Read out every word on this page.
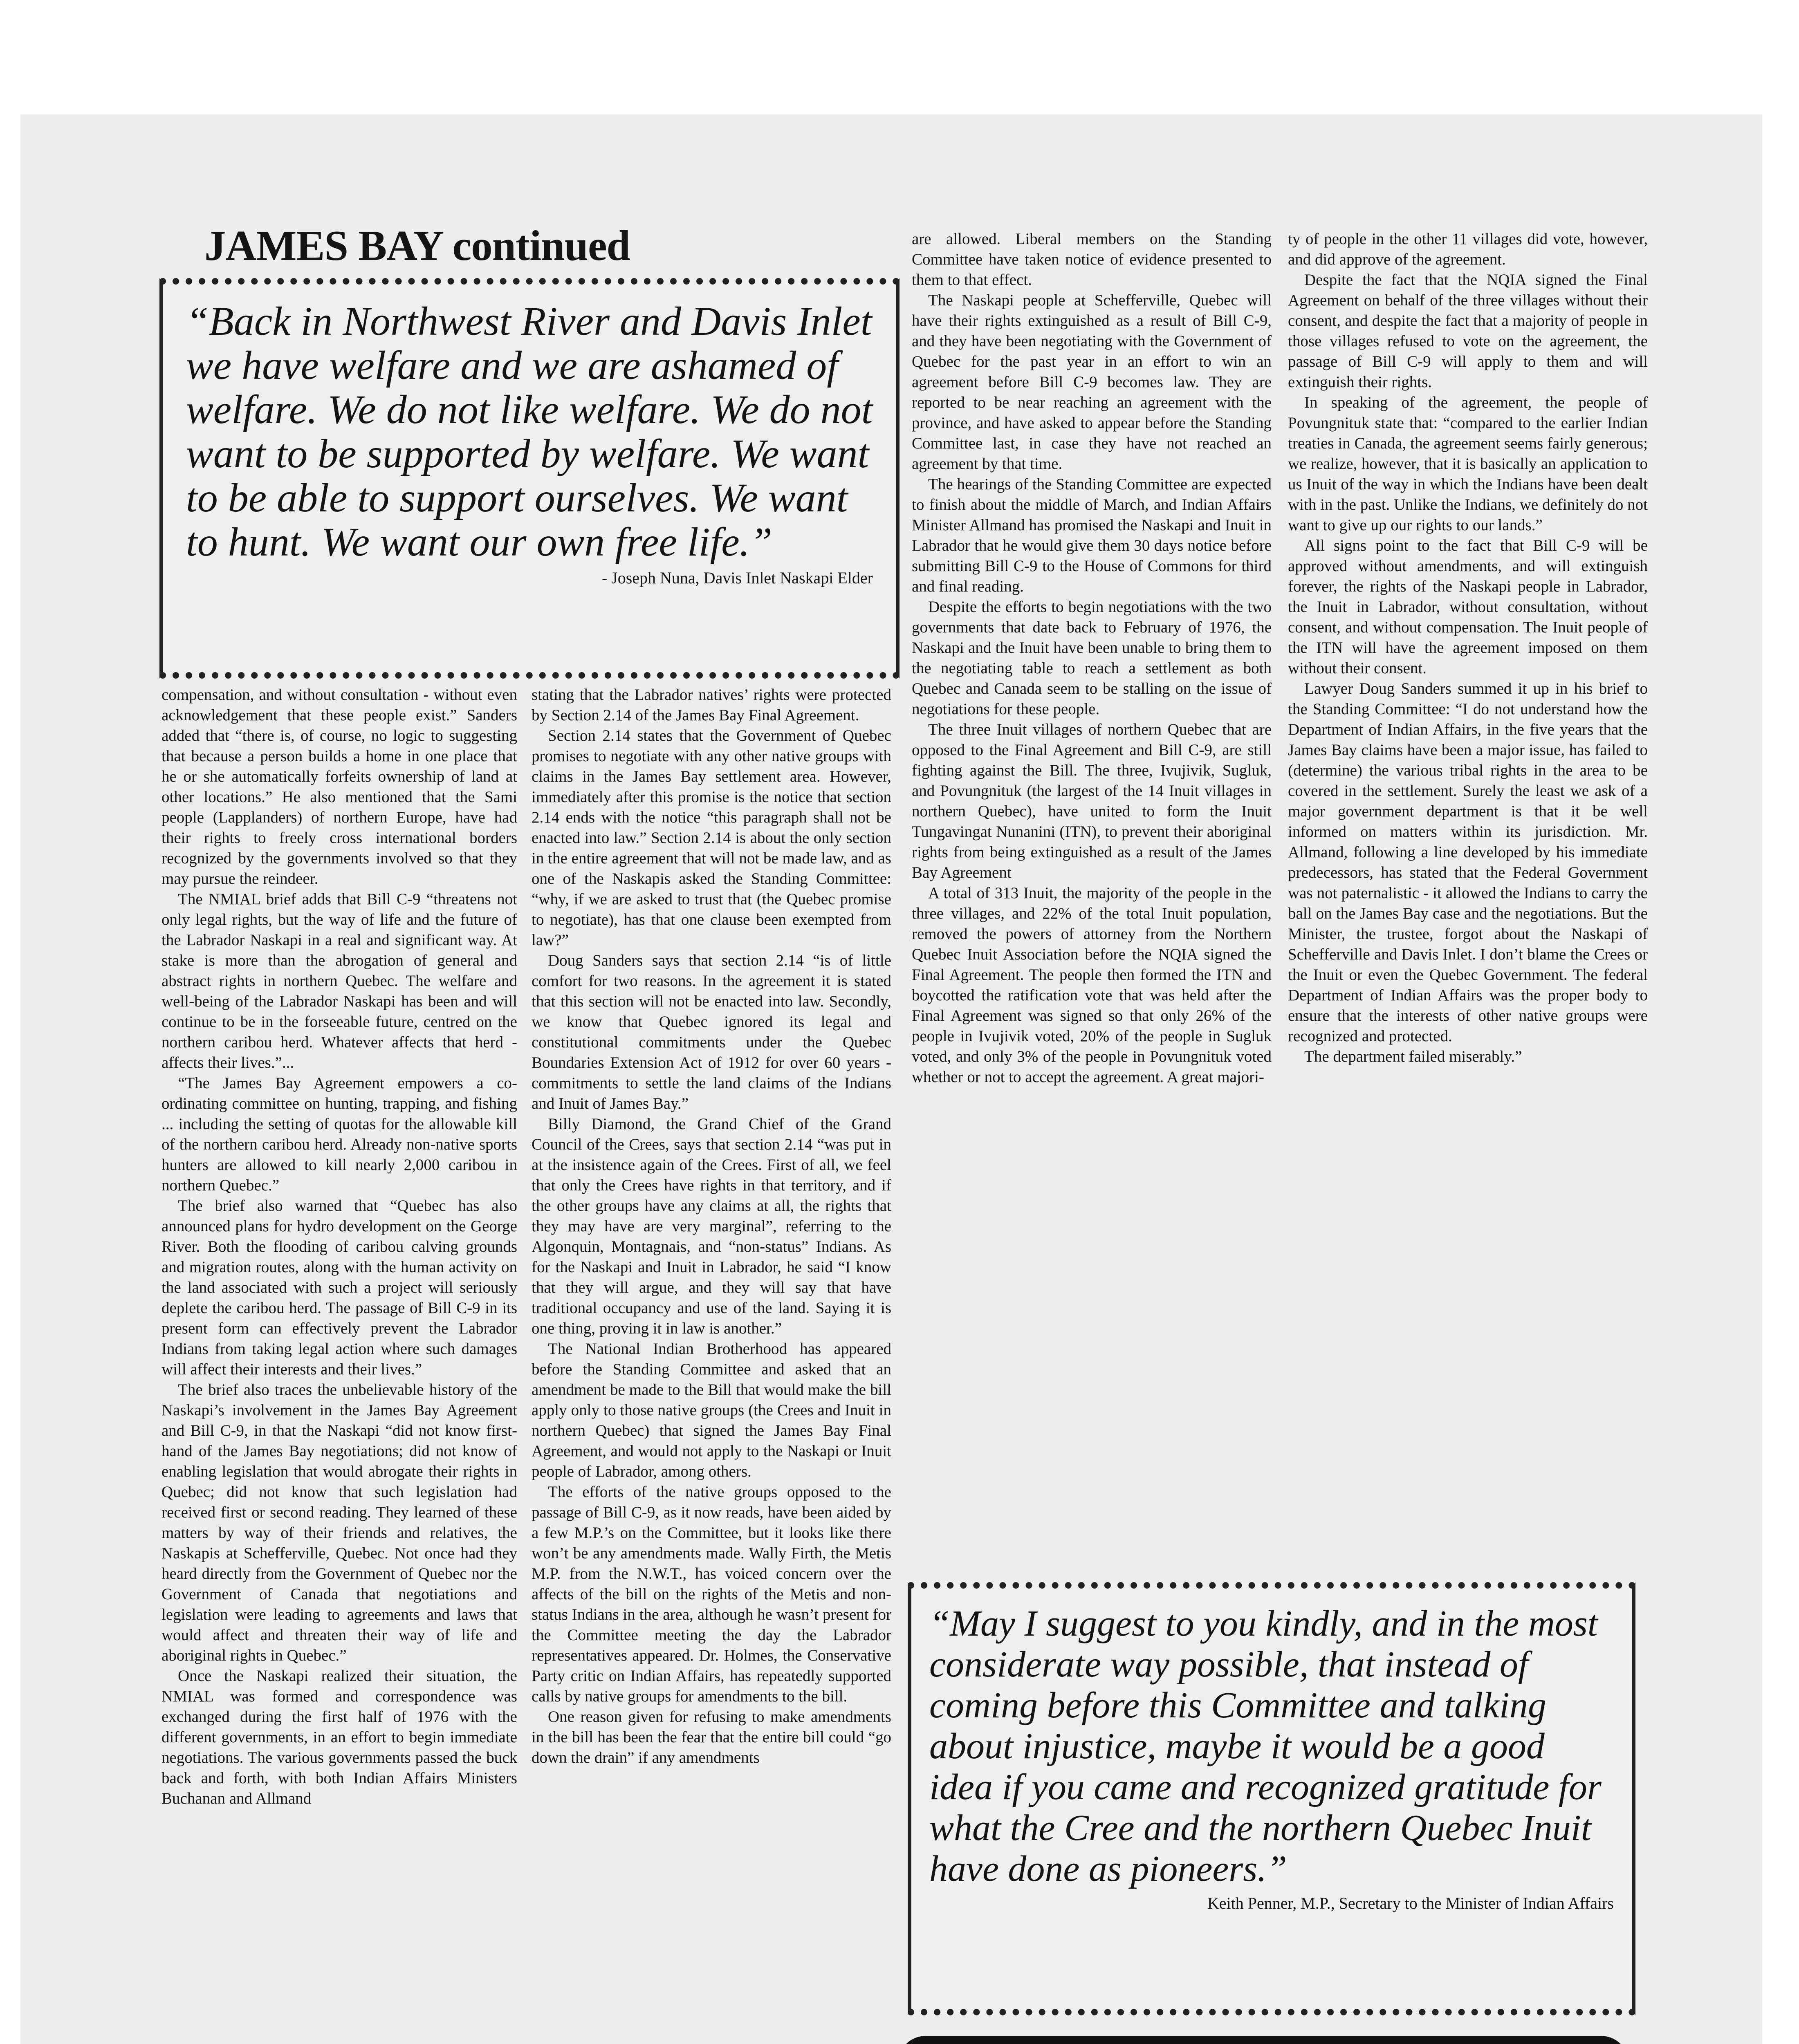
JAMES BAY continued

“Back in Northwest River and Davis Inlet we have welfare and we are ashamed of welfare. We do not like welfare. We do not want to be supported by welfare. We want to be able to support ourselves. We want to hunt. We want our own free life.”

- Joseph Nuna, Davis Inlet Naskapi Elder

compensation, and without consultation - without even acknowledgement that these people exist.” Sanders added that “there is, of course, no logic to suggesting that because a person builds a home in one place that he or she automatically forfeits ownership of land at other locations.” He also mentioned that the Sami people (Lapplanders) of northern Europe, have had their rights to freely cross international borders recognized by the governments involved so that they may pursue the reindeer.

The NMIAL brief adds that Bill C-9 “threatens not only legal rights, but the way of life and the future of the Labrador Naskapi in a real and significant way. At stake is more than the abrogation of general and abstract rights in northern Quebec. The welfare and well-being of the Labrador Naskapi has been and will continue to be in the forseeable future, centred on the northern caribou herd. Whatever affects that herd - affects their lives.”...

“The James Bay Agreement empowers a co-ordinating committee on hunting, trapping, and fishing ... including the setting of quotas for the allowable kill of the northern caribou herd. Already non-native sports hunters are allowed to kill nearly 2,000 caribou in northern Quebec.”

The brief also warned that “Quebec has also announced plans for hydro development on the George River. Both the flooding of caribou calving grounds and migration routes, along with the human activity on the land associated with such a project will seriously deplete the caribou herd. The passage of Bill C-9 in its present form can effectively prevent the Labrador Indians from taking legal action where such damages will affect their interests and their lives.”

The brief also traces the unbelievable history of the Naskapi’s involvement in the James Bay Agreement and Bill C-9, in that the Naskapi “did not know first-hand of the James Bay negotiations; did not know of enabling legislation that would abrogate their rights in Quebec; did not know that such legislation had received first or second reading. They learned of these matters by way of their friends and relatives, the Naskapis at Schefferville, Quebec. Not once had they heard directly from the Government of Quebec nor the Government of Canada that negotiations and legislation were leading to agreements and laws that would affect and threaten their way of life and aboriginal rights in Quebec.”

Once the Naskapi realized their situation, the NMIAL was formed and correspondence was exchanged during the first half of 1976 with the different governments, in an effort to begin immediate negotiations. The various governments passed the buck back and forth, with both Indian Affairs Ministers Buchanan and Allmand

stating that the Labrador natives’ rights were protected by Section 2.14 of the James Bay Final Agreement.

Section 2.14 states that the Government of Quebec promises to negotiate with any other native groups with claims in the James Bay settlement area. However, immediately after this promise is the notice that section 2.14 ends with the notice “this paragraph shall not be enacted into law.” Section 2.14 is about the only section in the entire agreement that will not be made law, and as one of the Naskapis asked the Standing Committee: “why, if we are asked to trust that (the Quebec promise to negotiate), has that one clause been exempted from law?”

Doug Sanders says that section 2.14 “is of little comfort for two reasons. In the agreement it is stated that this section will not be enacted into law. Secondly, we know that Quebec ignored its legal and constitutional commitments under the Quebec Boundaries Extension Act of 1912 for over 60 years - commitments to settle the land claims of the Indians and Inuit of James Bay.”

Billy Diamond, the Grand Chief of the Grand Council of the Crees, says that section 2.14 “was put in at the insistence again of the Crees. First of all, we feel that only the Crees have rights in that territory, and if the other groups have any claims at all, the rights that they may have are very marginal”, referring to the Algonquin, Montagnais, and “non-status” Indians. As for the Naskapi and Inuit in Labrador, he said “I know that they will argue, and they will say that have traditional occupancy and use of the land. Saying it is one thing, proving it in law is another.”

The National Indian Brotherhood has appeared before the Standing Committee and asked that an amendment be made to the Bill that would make the bill apply only to those native groups (the Crees and Inuit in northern Quebec) that signed the James Bay Final Agreement, and would not apply to the Naskapi or Inuit people of Labrador, among others.

The efforts of the native groups opposed to the passage of Bill C-9, as it now reads, have been aided by a few M.P.’s on the Committee, but it looks like there won’t be any amendments made. Wally Firth, the Metis M.P. from the N.W.T., has voiced concern over the affects of the bill on the rights of the Metis and non-status Indians in the area, although he wasn’t present for the Committee meeting the day the Labrador representatives appeared. Dr. Holmes, the Conservative Party critic on Indian Affairs, has repeatedly supported calls by native groups for amendments to the bill.

One reason given for refusing to make amendments in the bill has been the fear that the entire bill could “go down the drain” if any amendments

are allowed. Liberal members on the Standing Committee have taken notice of evidence presented to them to that effect.

The Naskapi people at Schefferville, Quebec will have their rights extinguished as a result of Bill C-9, and they have been negotiating with the Government of Quebec for the past year in an effort to win an agreement before Bill C-9 becomes law. They are reported to be near reaching an agreement with the province, and have asked to appear before the Standing Committee last, in case they have not reached an agreement by that time.

The hearings of the Standing Committee are expected to finish about the middle of March, and Indian Affairs Minister Allmand has promised the Naskapi and Inuit in Labrador that he would give them 30 days notice before submitting Bill C-9 to the House of Commons for third and final reading.

Despite the efforts to begin negotiations with the two governments that date back to February of 1976, the Naskapi and the Inuit have been unable to bring them to the negotiating table to reach a settlement as both Quebec and Canada seem to be stalling on the issue of negotiations for these people.

The three Inuit villages of northern Quebec that are opposed to the Final Agreement and Bill C-9, are still fighting against the Bill. The three, Ivujivik, Sugluk, and Povungnituk (the largest of the 14 Inuit villages in northern Quebec), have united to form the Inuit Tungavingat Nunanini (ITN), to prevent their aboriginal rights from being extinguished as a result of the James Bay Agreement

A total of 313 Inuit, the majority of the people in the three villages, and 22% of the total Inuit population, removed the powers of attorney from the Northern Quebec Inuit Association before the NQIA signed the Final Agreement. The people then formed the ITN and boycotted the ratification vote that was held after the Final Agreement was signed so that only 26% of the people in Ivujivik voted, 20% of the people in Sugluk voted, and only 3% of the people in Povungnituk voted whether or not to accept the agreement. A great majori-

ty of people in the other 11 villages did vote, however, and did approve of the agreement.

Despite the fact that the NQIA signed the Final Agreement on behalf of the three villages without their consent, and despite the fact that a majority of people in those villages refused to vote on the agreement, the passage of Bill C-9 will apply to them and will extinguish their rights.

In speaking of the agreement, the people of Povungnituk state that: “compared to the earlier Indian treaties in Canada, the agreement seems fairly generous; we realize, however, that it is basically an application to us Inuit of the way in which the Indians have been dealt with in the past. Unlike the Indians, we definitely do not want to give up our rights to our lands.”

All signs point to the fact that Bill C-9 will be approved without amendments, and will extinguish forever, the rights of the Naskapi people in Labrador, the Inuit in Labrador, without consultation, without consent, and without compensation. The Inuit people of the ITN will have the agreement imposed on them without their consent.

Lawyer Doug Sanders summed it up in his brief to the Standing Committee: “I do not understand how the Department of Indian Affairs, in the five years that the James Bay claims have been a major issue, has failed to (determine) the various tribal rights in the area to be covered in the settlement. Surely the least we ask of a major government department is that it be well informed on matters within its jurisdiction. Mr. Allmand, following a line developed by his immediate predecessors, has stated that the Federal Government was not paternalistic - it allowed the Indians to carry the ball on the James Bay case and the negotiations. But the Minister, the trustee, forgot about the Naskapi of Schefferville and Davis Inlet. I don’t blame the Crees or the Inuit or even the Quebec Government. The federal Department of Indian Affairs was the proper body to ensure that the interests of other native groups were recognized and protected.

The department failed miserably.”

“May I suggest to you kindly, and in the most considerate way possible, that instead of coming before this Committee and talking about injustice, maybe it would be a good idea if you came and recognized gratitude for what the Cree and the northern Quebec Inuit have done as pioneers.”

Keith Penner, M.P., Secretary to the Minister of Indian Affairs
